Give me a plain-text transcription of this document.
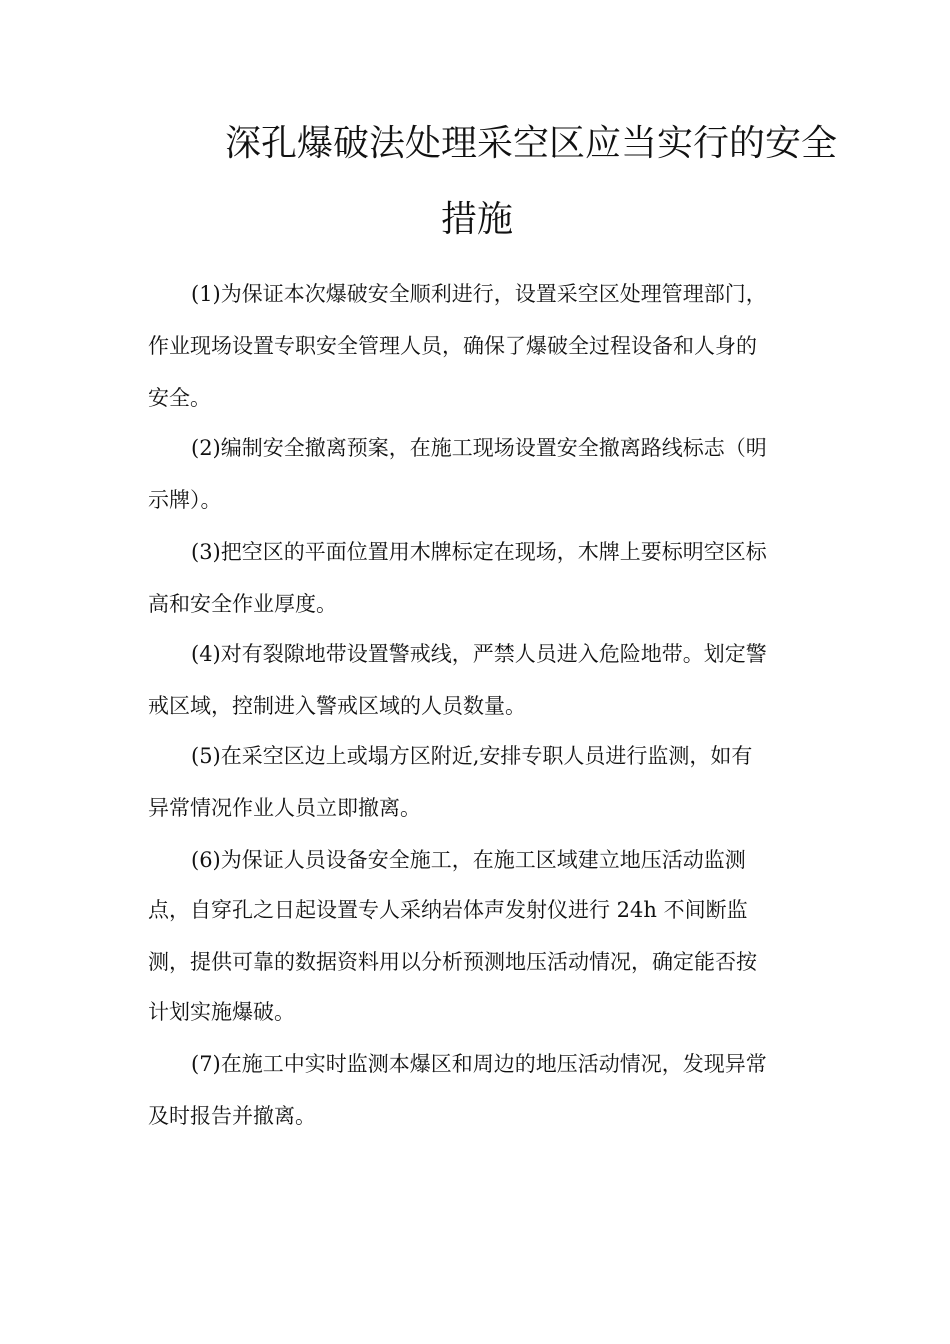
深孔爆破法处理采空区应当实行的安全
措施
(1)为保证本次爆破安全顺利进行，设置采空区处理管理部门，
作业现场设置专职安全管理人员，确保了爆破全过程设备和人身的
安全。
(2)编制安全撤离预案，在施工现场设置安全撤离路线标志（明
示牌）。
(3)把空区的平面位置用木牌标定在现场，木牌上要标明空区标
高和安全作业厚度。
(4)对有裂隙地带设置警戒线，严禁人员进入危险地带。划定警
戒区域，控制进入警戒区域的人员数量。
(5)在采空区边上或塌方区附近,安排专职人员进行监测，如有
异常情况作业人员立即撤离。
(6)为保证人员设备安全施工，在施工区域建立地压活动监测
点，自穿孔之日起设置专人采纳岩体声发射仪进行 24h 不间断监
测，提供可靠的数据资料用以分析预测地压活动情况，确定能否按
计划实施爆破。
(7)在施工中实时监测本爆区和周边的地压活动情况，发现异常
及时报告并撤离。
